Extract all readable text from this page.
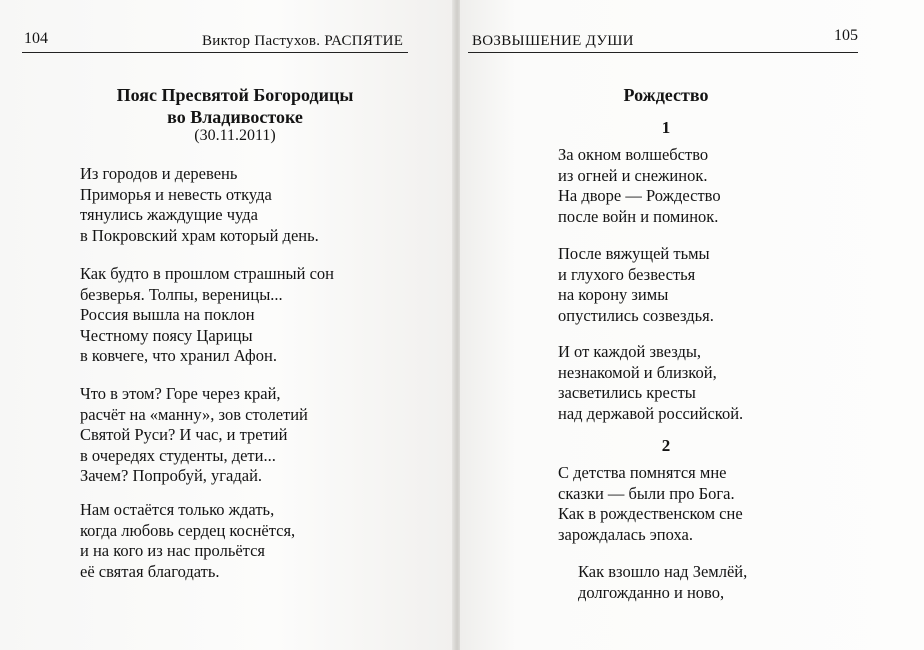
104	Виктор Пастухов. РАСПЯТИЕ
Пояс Пресвятой Богородицы
во Владивостоке
(30.11.2011)
Из городов и деревень
Приморья и невесть откуда
тянулись жаждущие чуда
в Покровский храм который день.
Как будто в прошлом страшный сон
безверья. Толпы, вереницы...
Россия вышла на поклон
Честному поясу Царицы
в ковчеге, что хранил Афон.
Что в этом? Горе через край,
расчёт на «манну», зов столетий
Святой Руси? И час, и третий
в очередях студенты, дети...
Зачем? Попробуй, угадай.
Нам остаётся только ждать,
когда любовь сердец коснётся,
и на кого из нас прольётся
её святая благодать.
ВОЗВЫШЕНИЕ ДУШИ	105
Рождество
1
За окном волшебство
из огней и снежинок.
На дворе — Рождество
после войн и поминок.
После вяжущей тьмы
и глухого безвестья
на корону зимы
опустились созвездья.
И от каждой звезды,
незнакомой и близкой,
засветились кресты
над державой российской.
2
С детства помнятся мне
сказки — были про Бога.
Как в рождественском сне
зарождалась эпоха.
Как взошло над Землёй,
долгожданно и ново,
